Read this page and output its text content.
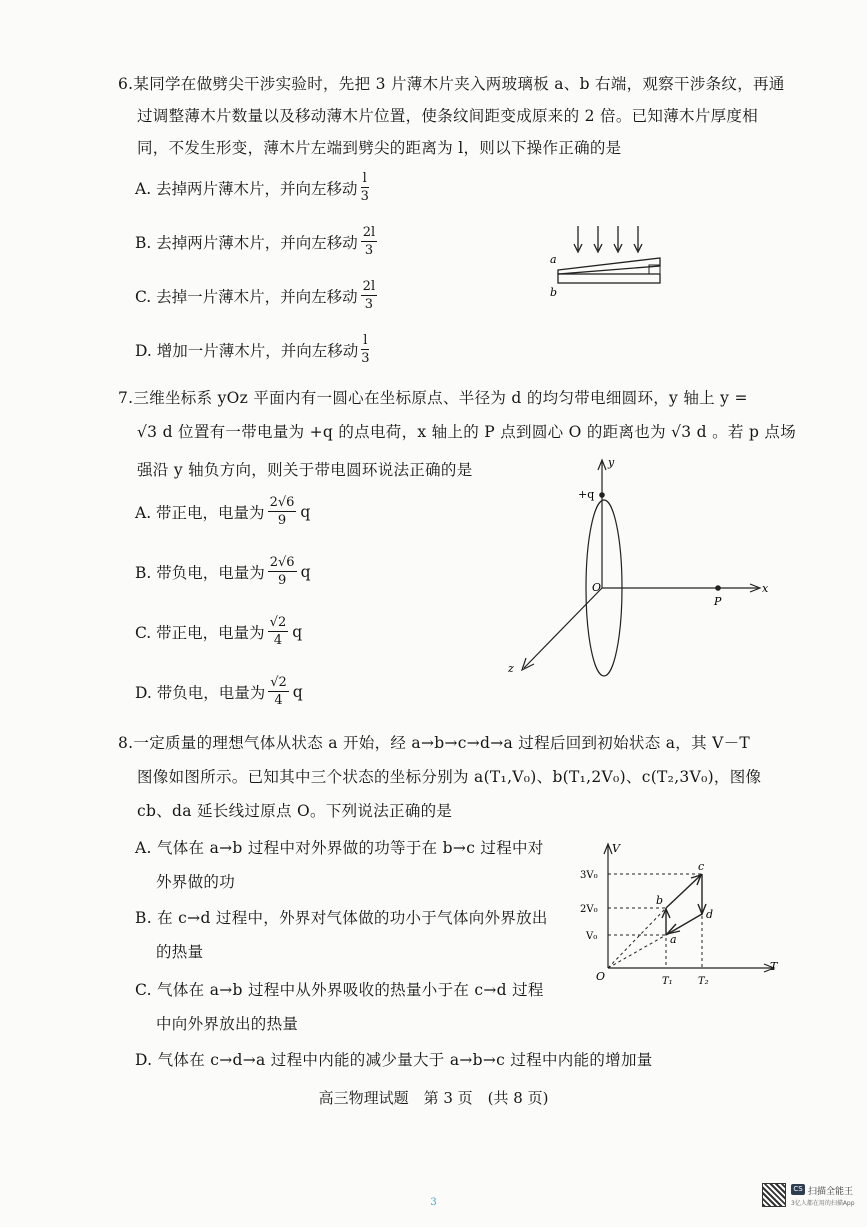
6.某同学在做劈尖干涉实验时，先把 3 片薄木片夹入两玻璃板 a、b 右端，观察干涉条纹，再通
过调整薄木片数量以及移动薄木片位置，使条纹间距变成原来的 2 倍。已知薄木片厚度相
同，不发生形变，薄木片左端到劈尖的距离为 l，则以下操作正确的是
A. 去掉两片薄木片，并向左移动 $\frac{l}{3}$
B. 去掉两片薄木片，并向左移动 $\frac{2l}{3}$
C. 去掉一片薄木片，并向左移动 $\frac{2l}{3}$
D. 增加一片薄木片，并向左移动 $\frac{l}{3}$
a
b
7.三维坐标系 yOz 平面内有一圆心在坐标原点、半径为 d 的均匀带电细圆环，y 轴上 y =
√3 d 位置有一带电量为 +q 的点电荷，x 轴上的 P 点到圆心 O 的距离也为 √3 d 。若 p 点场
强沿 y 轴负方向，则关于带电圆环说法正确的是
A. 带正电，电量为 $\frac{2√6}{9}$ q
B. 带负电，电量为 $\frac{2√6}{9}$ q
C. 带正电，电量为 $\frac{√2}{4}$ q
D. 带负电，电量为 $\frac{√2}{4}$ q
y
x
z
O
P
+q
8.一定质量的理想气体从状态 a 开始，经 a→b→c→d→a 过程后回到初始状态 a，其 V－T
图像如图所示。已知其中三个状态的坐标分别为 a(T₁,V₀)、b(T₁,2V₀)、c(T₂,3V₀)，图像
cb、da 延长线过原点 O。下列说法正确的是
A. 气体在 a→b 过程中对外界做的功等于在 b→c 过程中对
外界做的功
B. 在 c→d 过程中，外界对气体做的功小于气体向外界放出
的热量
C. 气体在 a→b 过程中从外界吸收的热量小于在 c→d 过程
中向外界放出的热量
D. 气体在 c→d→a 过程中内能的减少量大于 a→b→c 过程中内能的增加量
V
T
O
3V₀
2V₀
V₀
T₁	T₂
a
b
c
d
高三物理试题　第 3 页　(共 8 页)
3
CS 扫描全能王
3亿人都在用的扫描App
